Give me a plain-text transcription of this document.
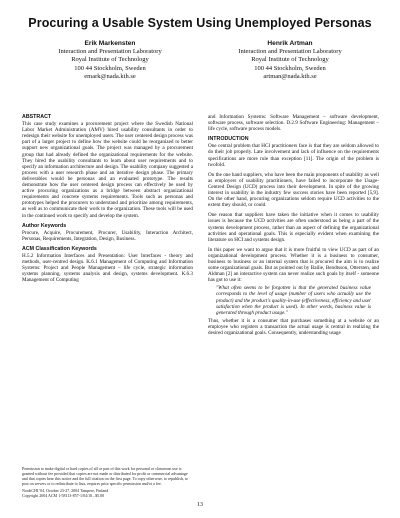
Procuring a Usable System Using Unemployed Personas
Erik Markensten
Interaction and Presentation Laboratory
Royal Institute of Technology
100 44 Stockholm, Sweden
emark@nada.kth.se
Henrik Artman
Interaction and Presentation Laboratory
Royal Institute of Technology
100 44 Stockholm, Sweden
artman@nada.kth.se
ABSTRACT
This case study examines a procurement project where the Swedish National Labor Market Administration (AMV) hired usability consultants in order to redesign their website for unemployed users. The user centered design process was part of a larger project to define how the website could be reorganized to better support new organizational goals. The project was managed by a procurement group that had already defined the organizational requirements for the website. They hired the usability consultants to learn about user requirements and to specify an information architecture and design. The usability company suggested a process with a user research phase and an iterative design phase. The primary deliverables would be personas and an evaluated prototype. The results demonstrate how the user centered design process can effectively be used by active procuring organizations as a bridge between abstract organizational requirements and concrete systems requirements. Tools such as personas and prototypes helped the procurers to understand and prioritize among requirements, as well as to communicate their work to the organization. These tools will be used in the continued work to specify and develop the system.
Author Keywords
Procure, Acquire, Procurement, Procurer, Usability, Interaction Architect, Personas, Requirements, Integration, Design, Business.
ACM Classification Keywords
H.5.2 Information Interfaces and Presentation: User Interfaces - theory and methods, user-centred design. K.6.1 Management of Computing and Information Systems: Project and People Management – life cycle, strategic information systems planning, systems analysis and design, systems development. K.6.3 Management of Computing
Permission to make digital or hard copies of all or part of this work for personal or classroom use is granted without fee provided that copies are not made or distributed for profit or commercial advantage and that copies bear this notice and the full citation on the first page. To copy otherwise, to republish, to post on servers or to redistribute to lists, requires prior specific permission and/or a fee.
NordiCHI '04, October 23-27, 2004 Tampere, Finland
Copyright 2004 ACM 1-58113-857-1/04/10...$5.00
and Information Systems: Software Management – software development, software process, software selection. D.2.9 Software Engineering: Management – life cycle, software process models.
INTRODUCTION
One central problem that HCI practitioners face is that they are seldom allowed to do their job properly. Late involvement and lack of influence on the requirements specifications are more rule than exception [11]. The origin of the problem is twofold.
On the one hand suppliers, who have been the main proponents of usability as well as employers of usability practitioners, have failed to incorporate the Usage-Centred Design (UCD) process into their development. In spite of the growing interest in usability in the industry few success stories have been reported [5,9]. On the other hand, procuring organizations seldom require UCD activities to the extent they should, or could.
One reason that suppliers have taken the initiative when it comes to usability issues is because the UCD activities are often understood as being a part of the systems development process, rather than an aspect of defining the organizational activities and operational goals. This is especially evident when examining the literature on HCI and systems design.
In this paper we want to argue that it is more fruitful to view UCD as part of an organizational development process. Whether it is a business to consumer, business to business or an internal system that is procured the aim is to realize some organizational goals. But as pointed out by Bailie, Bendtsson, Ottersten, and Aldman [2] an interactive system can never realize such goals by itself - someone has got to use it:
"What often seems to be forgotten is that the generated business value corresponds to the level of usage (number of users who actually use the product) and the product's quality-in-use (effectiveness, efficiency and user satisfaction when the product is used). In other words, business value is generated through product usage."
Thus, whether it is a consumer that purchases something at a website or an employee who registers a transaction the actual usage is central in realizing the desired organizational goals. Consequently, understanding usage
13
